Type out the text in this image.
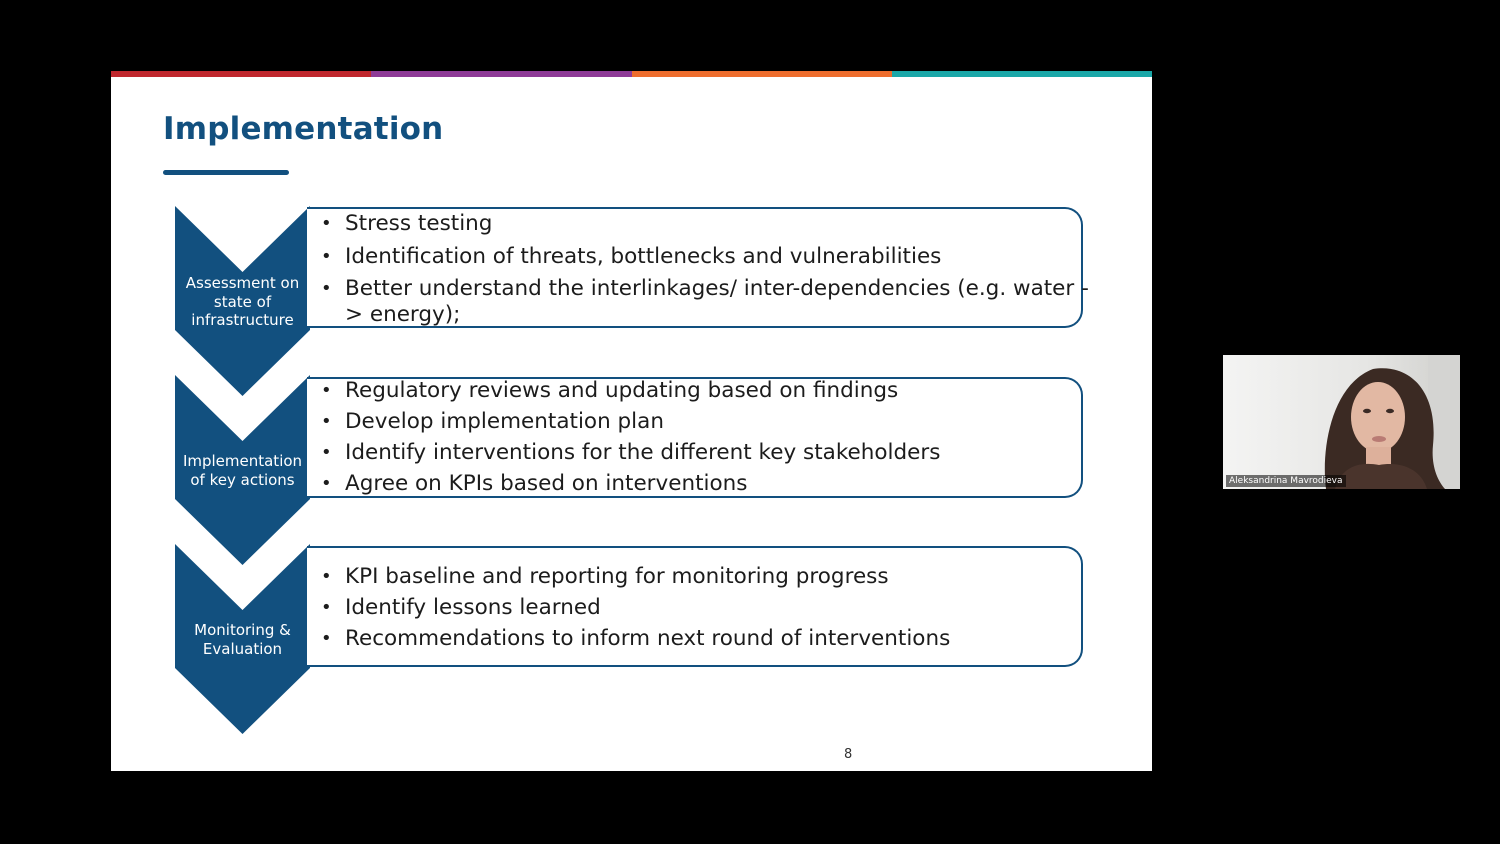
Implementation
Assessment on
state of
infrastructure
• Stress testing
• Identification of threats, bottlenecks and vulnerabilities
• Better understand the interlinkages/ inter-dependencies (e.g. water -
> energy);
Implementation
of key actions
• Regulatory reviews and updating based on findings
• Develop implementation plan
• Identify interventions for the different key stakeholders
• Agree on KPIs based on interventions
Monitoring &
Evaluation
• KPI baseline and reporting for monitoring progress
• Identify lessons learned
• Recommendations to inform next round of interventions
8
Aleksandrina Mavrodieva
